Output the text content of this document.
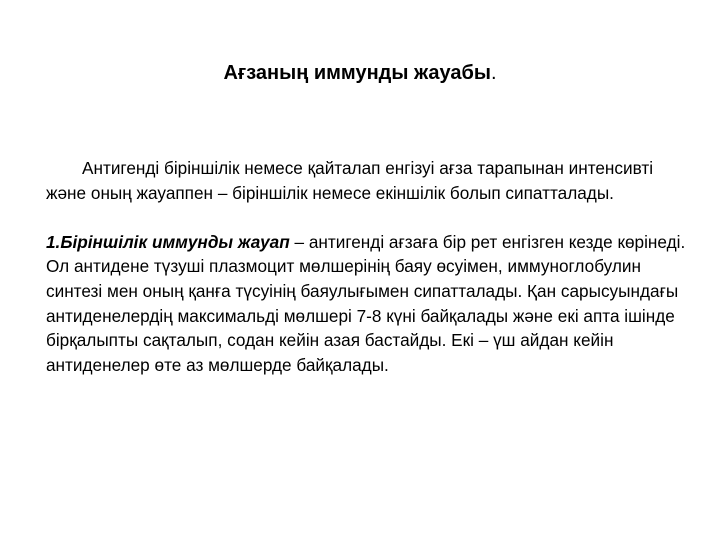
Ағзаның иммунды жауабы.

Антигенді біріншілік немесе қайталап енгізуі ағза тарапынан интенсивті және оның жауаппен – біріншілік немесе екіншілік болып сипатталады.

1.Біріншілік иммунды жауап – антигенді ағзаға бір рет енгізген кезде көрінеді. Ол антидене түзуші плазмоцит мөлшерінің баяу өсуімен, иммуноглобулин синтезі мен оның қанға түсуінің баяулығымен сипатталады. Қан сарысуындағы антиденелердің максимальді мөлшері 7-8 күні байқалады және екі апта ішінде бірқалыпты сақталып, содан кейін азая бастайды. Екі – үш айдан кейін антиденелер өте аз мөлшерде байқалады.
